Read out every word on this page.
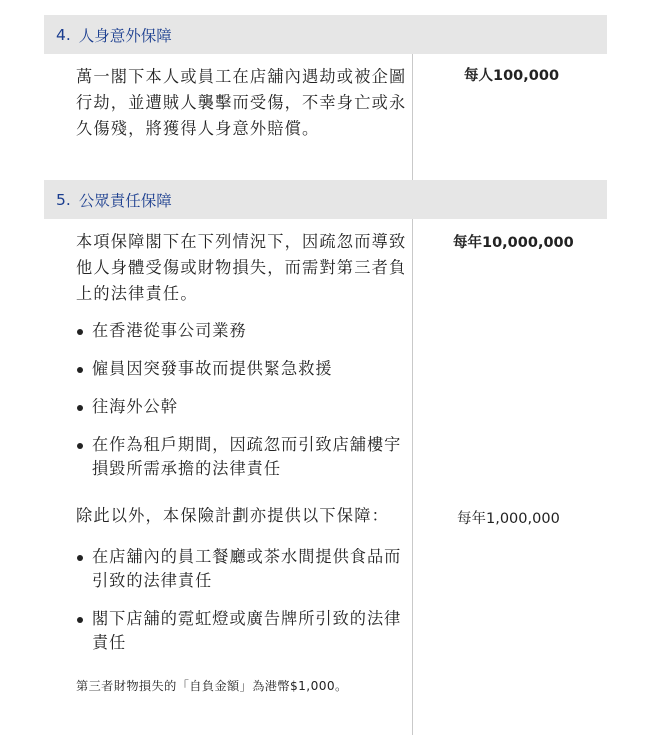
4. 人身意外保障

萬一閣下本人或員工在店舖內遇劫或被企圖行劫，並遭賊人襲擊而受傷，不幸身亡或永久傷殘，將獲得人身意外賠償。

每人100,000
5. 公眾責任保障

本項保障閣下在下列情況下，因疏忽而導致他人身體受傷或財物損失，而需對第三者負上的法律責任。

在香港從事公司業務
僱員因突發事故而提供緊急救援
往海外公幹
在作為租戶期間，因疏忽而引致店舖樓宇損毀所需承擔的法律責任

除此以外，本保險計劃亦提供以下保障：

在店舖內的員工餐廳或茶水間提供食品而引致的法律責任
閣下店舖的霓虹燈或廣告牌所引致的法律責任
第三者財物損失的「自負金額」為港幣$1,000。
每年10,000,000
每年1,000,000
